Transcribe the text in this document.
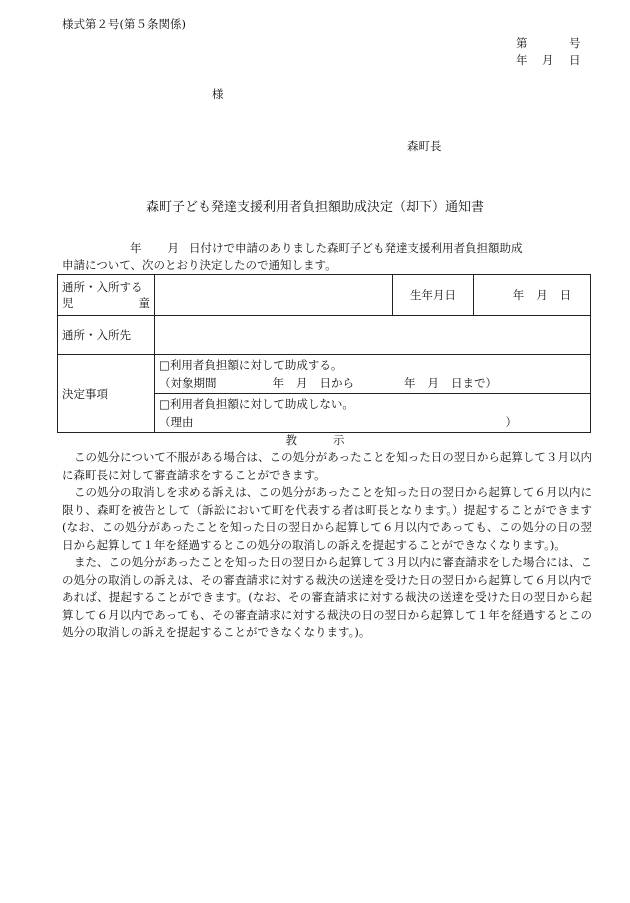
様式第２号(第５条関係)
第	号
年 月 日
様
森町長
森町子ども発達支援利用者負担額助成決定（却下）通知書
年 月 日付けで申請のありました森町子ども発達支援利用者負担額助成
申請について、次のとおり決定したので通知します。
通所・入所する
児 童		生年月日	年 月 日
通所・入所先			
決定事項	□利用者負担額に対して助成する。
（対象期間 年 月 日から 年 月 日まで）
□利用者負担額に対して助成しない。
（理由 ）		
教	示

この処分について不服がある場合は、この処分があったことを知った日の翌日から起算して３月以内に森町長に対して審査請求をすることができます。

この処分の取消しを求める訴えは、この処分があったことを知った日の翌日から起算して６月以内に限り、森町を被告として（訴訟において町を代表する者は町長となります。）提起することができます(なお、この処分があったことを知った日の翌日から起算して６月以内であっても、この処分の日の翌日から起算して１年を経過するとこの処分の取消しの訴えを提起することができなくなります。)。

また、この処分があったことを知った日の翌日から起算して３月以内に審査請求をした場合には、この処分の取消しの訴えは、その審査請求に対する裁決の送達を受けた日の翌日から起算して６月以内であれば、提起することができます。(なお、その審査請求に対する裁決の送達を受けた日の翌日から起算して６月以内であっても、その審査請求に対する裁決の日の翌日から起算して１年を経過するとこの処分の取消しの訴えを提起することができなくなります。)。
